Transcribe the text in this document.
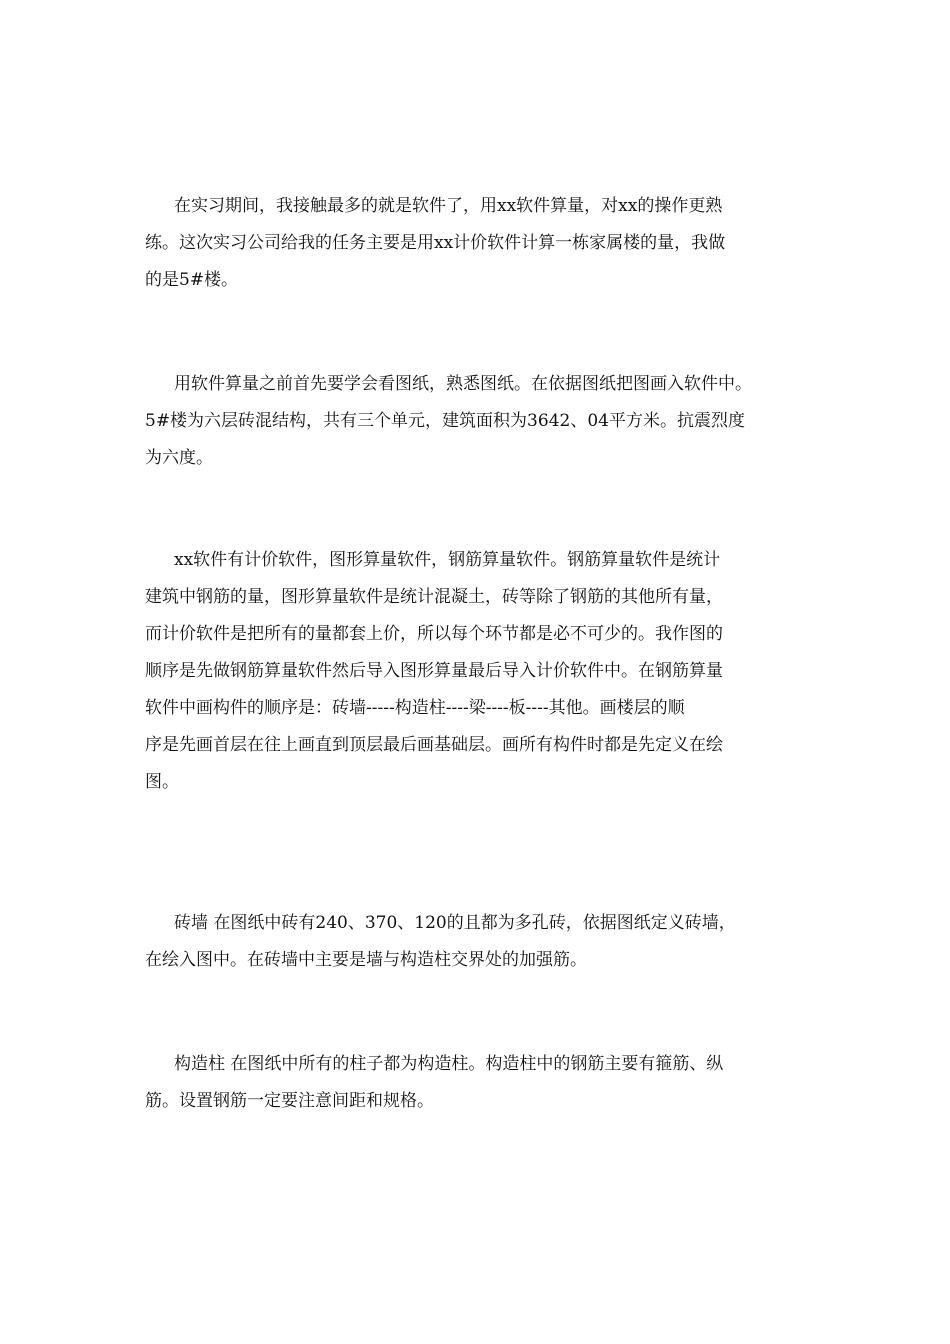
在实习期间，我接触最多的就是软件了，用xx软件算量，对xx的操作更熟
练。这次实习公司给我的任务主要是用xx计价软件计算一栋家属楼的量，我做
的是5#楼。
用软件算量之前首先要学会看图纸，熟悉图纸。在依据图纸把图画入软件中。
5#楼为六层砖混结构，共有三个单元，建筑面积为3642、04平方米。抗震烈度
为六度。
xx软件有计价软件，图形算量软件，钢筋算量软件。钢筋算量软件是统计
建筑中钢筋的量，图形算量软件是统计混凝土，砖等除了钢筋的其他所有量，
而计价软件是把所有的量都套上价，所以每个环节都是必不可少的。我作图的
顺序是先做钢筋算量软件然后导入图形算量最后导入计价软件中。在钢筋算量
软件中画构件的顺序是：砖墙-----构造柱----梁----板----其他。画楼层的顺
序是先画首层在往上画直到顶层最后画基础层。画所有构件时都是先定义在绘
图。
砖墙 在图纸中砖有240、370、120的且都为多孔砖，依据图纸定义砖墙，
在绘入图中。在砖墙中主要是墙与构造柱交界处的加强筋。
构造柱 在图纸中所有的柱子都为构造柱。构造柱中的钢筋主要有箍筋、纵
筋。设置钢筋一定要注意间距和规格。
